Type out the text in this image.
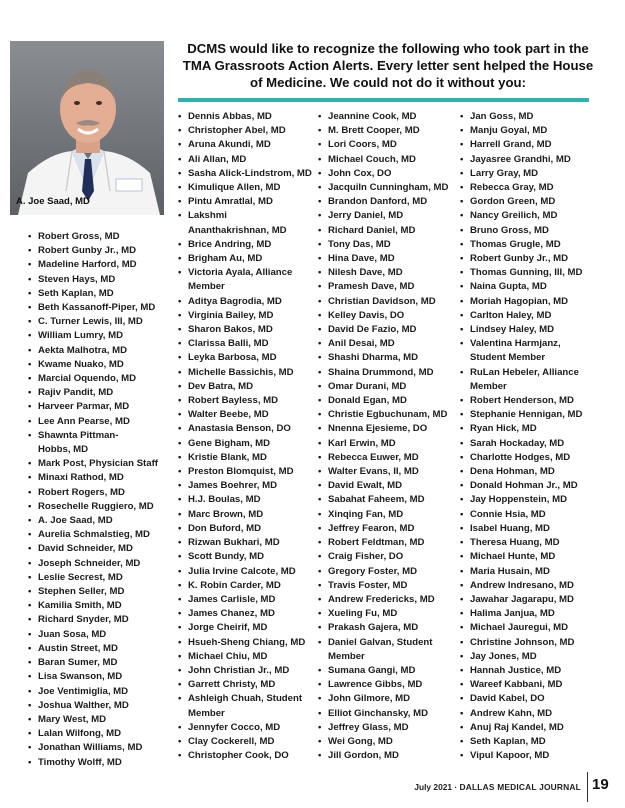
A. Joe Saad, MD
DCMS would like to recognize the following who took part in the TMA Grassroots Action Alerts. Every letter sent helped the House of Medicine. We could not do it without you:
• Robert Gross, MD
• Robert Gunby Jr., MD
• Madeline Harford, MD
• Steven Hays, MD
• Seth Kaplan, MD
• Beth Kassanoff-Piper, MD
• C. Turner Lewis, III, MD
• William Lumry, MD
• Aekta Malhotra, MD
• Kwame Nuako, MD
• Marcial Oquendo, MD
• Rajiv Pandit, MD
• Harveer Parmar, MD
• Lee Ann Pearse, MD
• Shawnta Pittman-
Hobbs, MD
• Mark Post, Physician Staff
• Minaxi Rathod, MD
• Robert Rogers, MD
• Rosechelle Ruggiero, MD
• A. Joe Saad, MD
• Aurelia Schmalstieg, MD
• David Schneider, MD
• Joseph Schneider, MD
• Leslie Secrest, MD
• Stephen Seller, MD
• Kamilia Smith, MD
• Richard Snyder, MD
• Juan Sosa, MD
• Austin Street, MD
• Baran Sumer, MD
• Lisa Swanson, MD
• Joe Ventimiglia, MD
• Joshua Walther, MD
• Mary West, MD
• Lalan Wilfong, MD
• Jonathan Williams, MD
• Timothy Wolff, MD
• Dennis Abbas, MD
• Christopher Abel, MD
• Aruna Akundi, MD
• Ali Allan, MD
• Sasha Alick-Lindstrom, MD
• Kimulique Allen, MD
• Pintu Amratlal, MD
• Lakshmi
Ananthakrishnan, MD
• Brice Andring, MD
• Brigham Au, MD
• Victoria Ayala, Alliance
Member
• Aditya Bagrodia, MD
• Virginia Bailey, MD
• Sharon Bakos, MD
• Clarissa Balli, MD
• Leyka Barbosa, MD
• Michelle Bassichis, MD
• Dev Batra, MD
• Robert Bayless, MD
• Walter Beebe, MD
• Anastasia Benson, DO
• Gene Bigham, MD
• Kristie Blank, MD
• Preston Blomquist, MD
• James Boehrer, MD
• H.J. Boulas, MD
• Marc Brown, MD
• Don Buford, MD
• Rizwan Bukhari, MD
• Scott Bundy, MD
• Julia Irvine Calcote, MD
• K. Robin Carder, MD
• James Carlisle, MD
• James Chanez, MD
• Jorge Cheirif, MD
• Hsueh-Sheng Chiang, MD
• Michael Chiu, MD
• John Christian Jr., MD
• Garrett Christy, MD
• Ashleigh Chuah, Student
Member
• Jennyfer Cocco, MD
• Clay Cockerell, MD
• Christopher Cook, DO
• Jeannine Cook, MD
• M. Brett Cooper, MD
• Lori Coors, MD
• Michael Couch, MD
• John Cox, DO
• Jacquiln Cunningham, MD
• Brandon Danford, MD
• Jerry Daniel, MD
• Richard Daniel, MD
• Tony Das, MD
• Hina Dave, MD
• Nilesh Dave, MD
• Pramesh Dave, MD
• Christian Davidson, MD
• Kelley Davis, DO
• David De Fazio, MD
• Anil Desai, MD
• Shashi Dharma, MD
• Shaina Drummond, MD
• Omar Durani, MD
• Donald Egan, MD
• Christie Egbuchunam, MD
• Nnenna Ejesieme, DO
• Karl Erwin, MD
• Rebecca Euwer, MD
• Walter Evans, II, MD
• David Ewalt, MD
• Sabahat Faheem, MD
• Xinqing Fan, MD
• Jeffrey Fearon, MD
• Robert Feldtman, MD
• Craig Fisher, DO
• Gregory Foster, MD
• Travis Foster, MD
• Andrew Fredericks, MD
• Xueling Fu, MD
• Prakash Gajera, MD
• Daniel Galvan, Student
Member
• Sumana Gangi, MD
• Lawrence Gibbs, MD
• John Gilmore, MD
• Elliot Ginchansky, MD
• Jeffrey Glass, MD
• Wei Gong, MD
• Jill Gordon, MD
• Jan Goss, MD
• Manju Goyal, MD
• Harrell Grand, MD
• Jayasree Grandhi, MD
• Larry Gray, MD
• Rebecca Gray, MD
• Gordon Green, MD
• Nancy Greilich, MD
• Bruno Gross, MD
• Thomas Grugle, MD
• Robert Gunby Jr., MD
• Thomas Gunning, III, MD
• Naina Gupta, MD
• Moriah Hagopian, MD
• Carlton Haley, MD
• Lindsey Haley, MD
• Valentina Harmjanz,
Student Member
• RuLan Hebeler, Alliance
Member
• Robert Henderson, MD
• Stephanie Hennigan, MD
• Ryan Hick, MD
• Sarah Hockaday, MD
• Charlotte Hodges, MD
• Dena Hohman, MD
• Donald Hohman Jr., MD
• Jay Hoppenstein, MD
• Connie Hsia, MD
• Isabel Huang, MD
• Theresa Huang, MD
• Michael Hunte, MD
• Maria Husain, MD
• Andrew Indresano, MD
• Jawahar Jagarapu, MD
• Halima Janjua, MD
• Michael Jauregui, MD
• Christine Johnson, MD
• Jay Jones, MD
• Hannah Justice, MD
• Wareef Kabbani, MD
• David Kabel, DO
• Andrew Kahn, MD
• Anuj Raj Kandel, MD
• Seth Kaplan, MD
• Vipul Kapoor, MD
July 2021 · DALLAS MEDICAL JOURNAL 19
